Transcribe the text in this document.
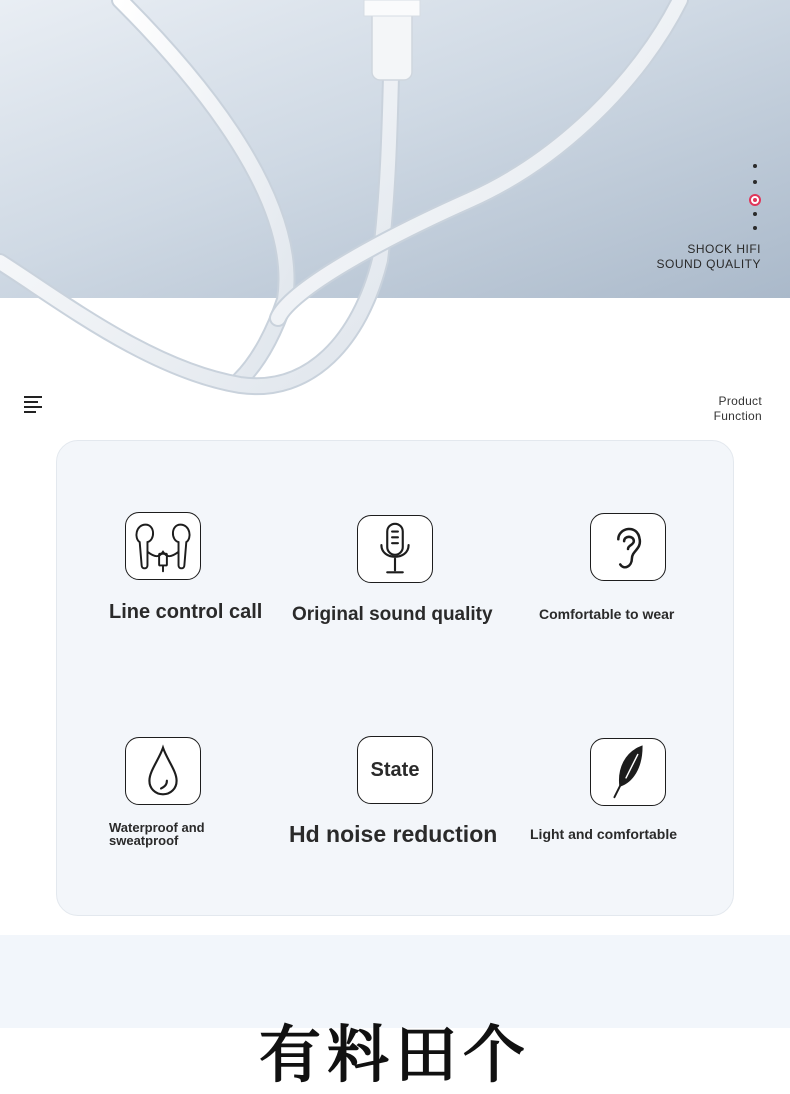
SHOCK HIFI
SOUND QUALITY
Product
Function
Line control call Original sound quality	Comfortable to wear
Waterproof and
sweatproof
State
Hd noise reduction Light and comfortable
有料田个
